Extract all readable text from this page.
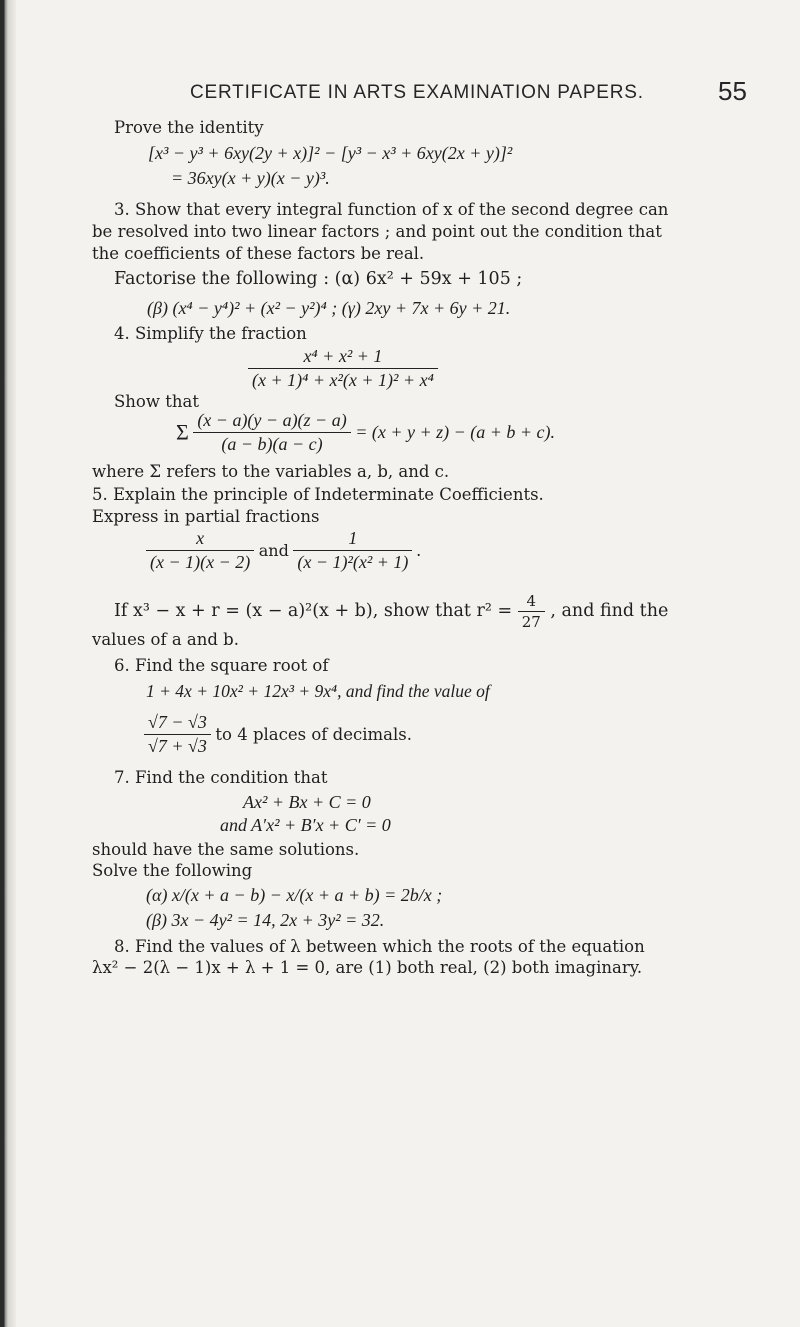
CERTIFICATE IN ARTS EXAMINATION PAPERS.	55
Prove the identity
[x³ − y³ + 6xy(2y + x)]² − [y³ − x³ + 6xy(2x + y)]²
= 36xy(x + y)(x − y)³.
3. Show that every integral function of x of the second degree can
be resolved into two linear factors ; and point out the condition that
the coefficients of these factors be real.
Factorise the following : (α) 6x² + 59x + 105 ;
(β) (x⁴ − y⁴)² + (x² − y²)⁴ ; (γ) 2xy + 7x + 6y + 21.
4. Simplify the fraction
$\frac{\text{x⁴ + x² + 1}}{\text{(x + 1)⁴ + x²(x + 1)² + x⁴}}$
Show that
Σ $\frac{(x - a)(y - a)(z - a)}{(a - b)(a - c)} = (x + y + z) - (a + b + c)$.
where Σ refers to the variables a, b, and c.
5. Explain the principle of Indeterminate Coefficients.
Express in partial fractions
$\frac{x}{(x - 1)(x - 2)}$ and $\frac{1}{\text{(x − 1)²(x² + 1)}}$ .
If x³ − x + r = (x − a)²(x + b), show that $r^2 = \frac{4}{27}$ , and find the
values of a and b.
6. Find the square root of
1 + 4x + 10x² + 12x³ + 9x⁴, and find the value of
$\frac{√7 - √3}{√7 + √3}$ to 4 places of decimals.
7. Find the condition that
Ax² + Bx + C = 0
and A′x² + B′x + C′ = 0
should have the same solutions.
Solve the following
(α) x/(x + a − b) − x/(x + a + b) = 2b/x ;
(β) 3x − 4y² = 14, 2x + 3y² = 32.
8. Find the values of λ between which the roots of the equation
λx² − 2(λ − 1)x + λ + 1 = 0, are (1) both real, (2) both imaginary.
